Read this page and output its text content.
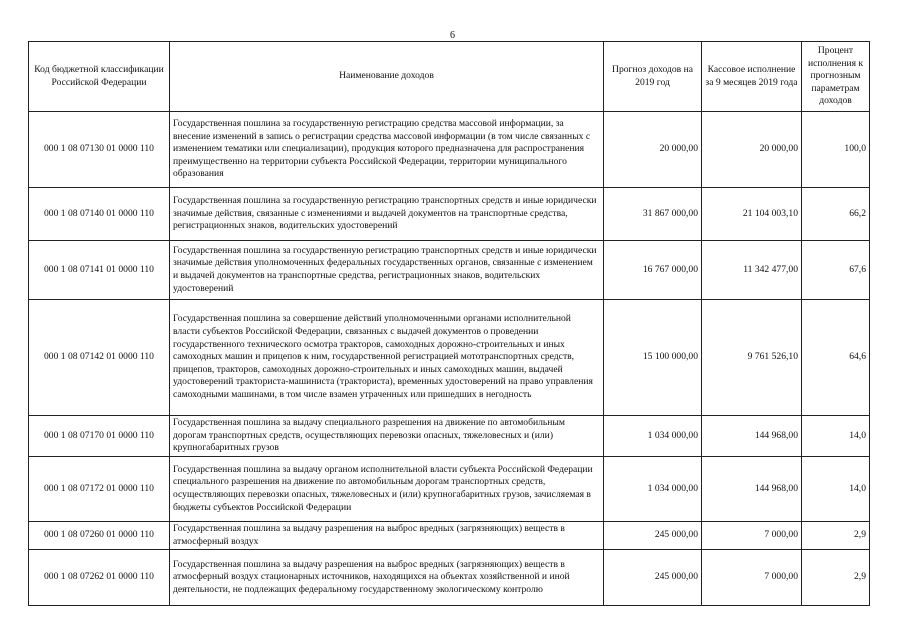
6
Код бюджетной классификации Российской Федерации	Наименование доходов	Прогноз доходов на 2019 год	Кассовое исполнение за 9 месяцев 2019 года	Процент исполнения к прогнозным параметрам доходов
000 1 08 07130 01 0000 110	Государственная пошлина за государственную регистрацию средства массовой информации, за внесение изменений в запись о регистрации средства массовой информации (в том числе связанных с изменением тематики или специализации), продукция которого предназначена для распространения преимущественно на территории субъекта Российской Федерации, территории муниципального образования	20 000,00	20 000,00	100,0
000 1 08 07140 01 0000 110	Государственная пошлина за государственную регистрацию транспортных средств и иные юридически значимые действия, связанные с изменениями и выдачей документов на транспортные средства, регистрационных знаков, водительских удостоверений	31 867 000,00	21 104 003,10	66,2
000 1 08 07141 01 0000 110	Государственная пошлина за государственную регистрацию транспортных средств и иные юридически значимые действия уполномоченных федеральных государственных органов, связанные с изменением и выдачей документов на транспортные средства, регистрационных знаков, водительских удостоверений	16 767 000,00	11 342 477,00	67,6
000 1 08 07142 01 0000 110	Государственная пошлина за совершение действий уполномоченными органами исполнительной власти субъектов Российской Федерации, связанных с выдачей документов о проведении государственного технического осмотра тракторов, самоходных дорожно-строительных и иных самоходных машин и прицепов к ним, государственной регистрацией мототранспортных средств, прицепов, тракторов, самоходных дорожно-строительных и иных самоходных машин, выдачей удостоверений тракториста-машиниста (тракториста), временных удостоверений на право управления самоходными машинами, в том числе взамен утраченных или пришедших в негодность	15 100 000,00	9 761 526,10	64,6
000 1 08 07170 01 0000 110	Государственная пошлина за выдачу специального разрешения на движение по автомобильным дорогам транспортных средств, осуществляющих перевозки опасных, тяжеловесных и (или) крупногабаритных грузов	1 034 000,00	144 968,00	14,0
000 1 08 07172 01 0000 110	Государственная пошлина за выдачу органом исполнительной власти субъекта Российской Федерации специального разрешения на движение по автомобильным дорогам транспортных средств, осуществляющих перевозки опасных, тяжеловесных и (или) крупногабаритных грузов, зачисляемая в бюджеты субъектов Российской Федерации	1 034 000,00	144 968,00	14,0
000 1 08 07260 01 0000 110	Государственная пошлина за выдачу разрешения на выброс вредных (загрязняющих) веществ в атмосферный воздух	245 000,00	7 000,00	2,9
000 1 08 07262 01 0000 110	Государственная пошлина за выдачу разрешения на выброс вредных (загрязняющих) веществ в атмосферный воздух стационарных источников, находящихся на объектах хозяйственной и иной деятельности, не подлежащих федеральному государственному экологическому контролю	245 000,00	7 000,00	2,9
